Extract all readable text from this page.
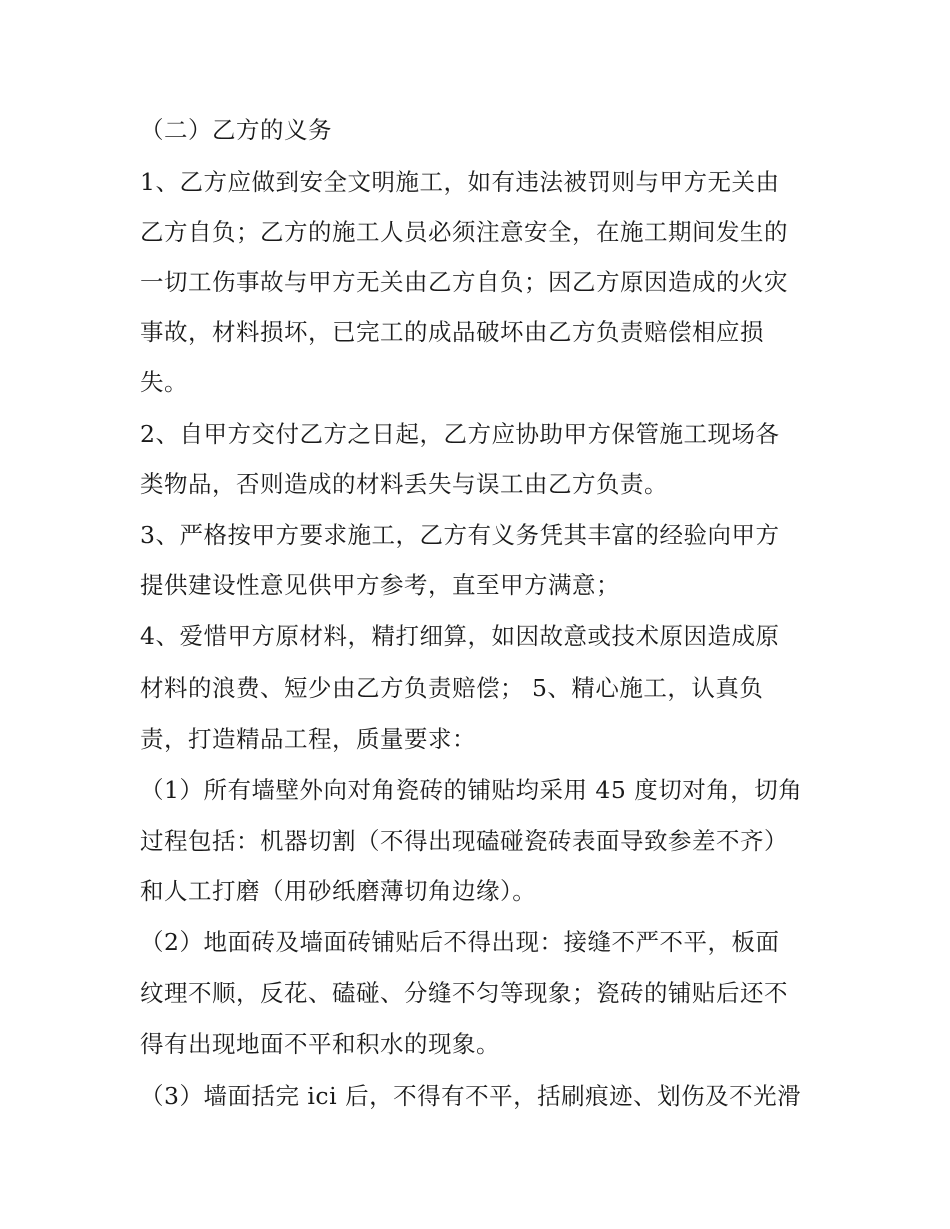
（二）乙方的义务
1、乙方应做到安全文明施工，如有违法被罚则与甲方无关由
乙方自负；乙方的施工人员必须注意安全，在施工期间发生的
一切工伤事故与甲方无关由乙方自负；因乙方原因造成的火灾
事故，材料损坏，已完工的成品破坏由乙方负责赔偿相应损
失。
2、自甲方交付乙方之日起，乙方应协助甲方保管施工现场各
类物品，否则造成的材料丢失与误工由乙方负责。
3、严格按甲方要求施工，乙方有义务凭其丰富的经验向甲方
提供建设性意见供甲方参考，直至甲方满意；
4、爱惜甲方原材料，精打细算，如因故意或技术原因造成原
材料的浪费、短少由乙方负责赔偿； 5、精心施工，认真负
责，打造精品工程，质量要求：
（1）所有墙壁外向对角瓷砖的铺贴均采用 45 度切对角，切角
过程包括：机器切割（不得出现磕碰瓷砖表面导致参差不齐）
和人工打磨（用砂纸磨薄切角边缘）。
（2）地面砖及墙面砖铺贴后不得出现：接缝不严不平，板面
纹理不顺，反花、磕碰、分缝不匀等现象；瓷砖的铺贴后还不
得有出现地面不平和积水的现象。
（3）墙面括完 ici 后，不得有不平，括刷痕迹、划伤及不光滑
